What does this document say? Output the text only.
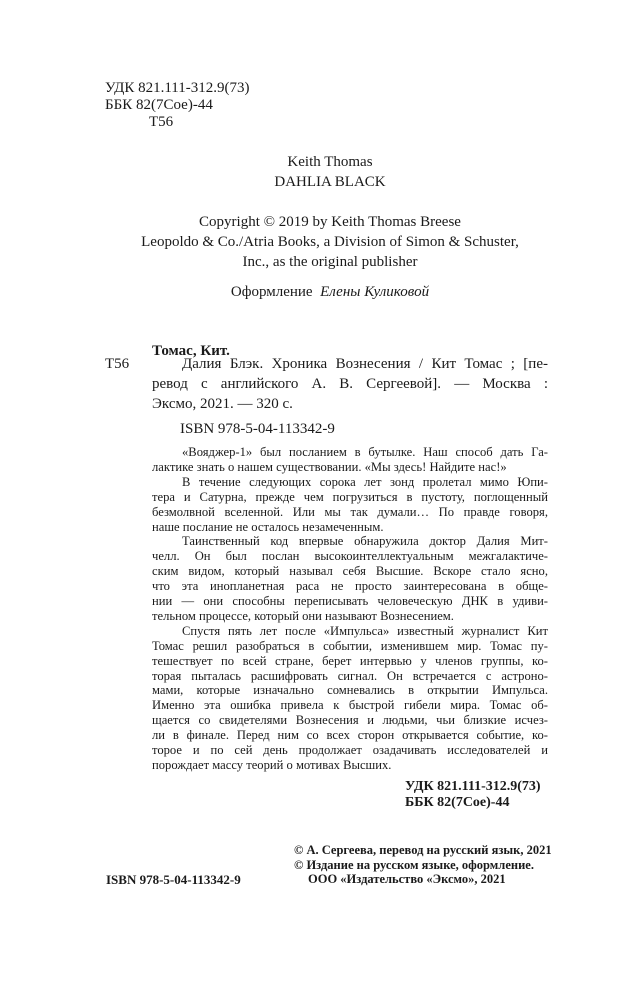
УДК 821.111-312.9(73)
ББК 82(7Сое)-44
Т56
Keith Thomas
DAHLIA BLACK
Copyright © 2019 by Keith Thomas Breese
Leopoldo & Co./Atria Books, a Division of Simon & Schuster,
Inc., as the original publisher
Оформление Елены Куликовой
Томас, Кит.
Т56	Далия Блэк. Хроника Вознесения / Кит Томас ; [пе-
ревод с английского А. В. Сергеевой]. — Москва :
Эксмо, 2021. — 320 с.
ISBN 978-5-04-113342-9
«Вояджер-1» был посланием в бутылке. Наш способ дать Га-
лактике знать о нашем существовании. «Мы здесь! Найдите нас!»
В течение следующих сорока лет зонд пролетал мимо Юпи-
тера и Сатурна, прежде чем погрузиться в пустоту, поглощенный
безмолвной вселенной. Или мы так думали… По правде говоря,
наше послание не осталось незамеченным.
Таинственный код впервые обнаружила доктор Далия Мит-
челл. Он был послан высокоинтеллектуальным межгалактиче-
ским видом, который называл себя Высшие. Вскоре стало ясно,
что эта инопланетная раса не просто заинтересована в обще-
нии — они способны переписывать человеческую ДНК в удиви-
тельном процессе, который они называют Вознесением.
Спустя пять лет после «Импульса» известный журналист Кит
Томас решил разобраться в событии, изменившем мир. Томас пу-
тешествует по всей стране, берет интервью у членов группы, ко-
торая пыталась расшифровать сигнал. Он встречается с астроно-
мами, которые изначально сомневались в открытии Импульса.
Именно эта ошибка привела к быстрой гибели мира. Томас об-
щается со свидетелями Вознесения и людьми, чьи близкие исчез-
ли в финале. Перед ним со всех сторон открывается событие, ко-
торое и по сей день продолжает озадачивать исследователей и
порождает массу теорий о мотивах Высших.
УДК 821.111-312.9(73)
ББК 82(7Сое)-44
© А. Сергеева, перевод на русский язык, 2021
© Издание на русском языке, оформление.
ООО «Издательство «Эксмо», 2021
ISBN 978-5-04-113342-9
